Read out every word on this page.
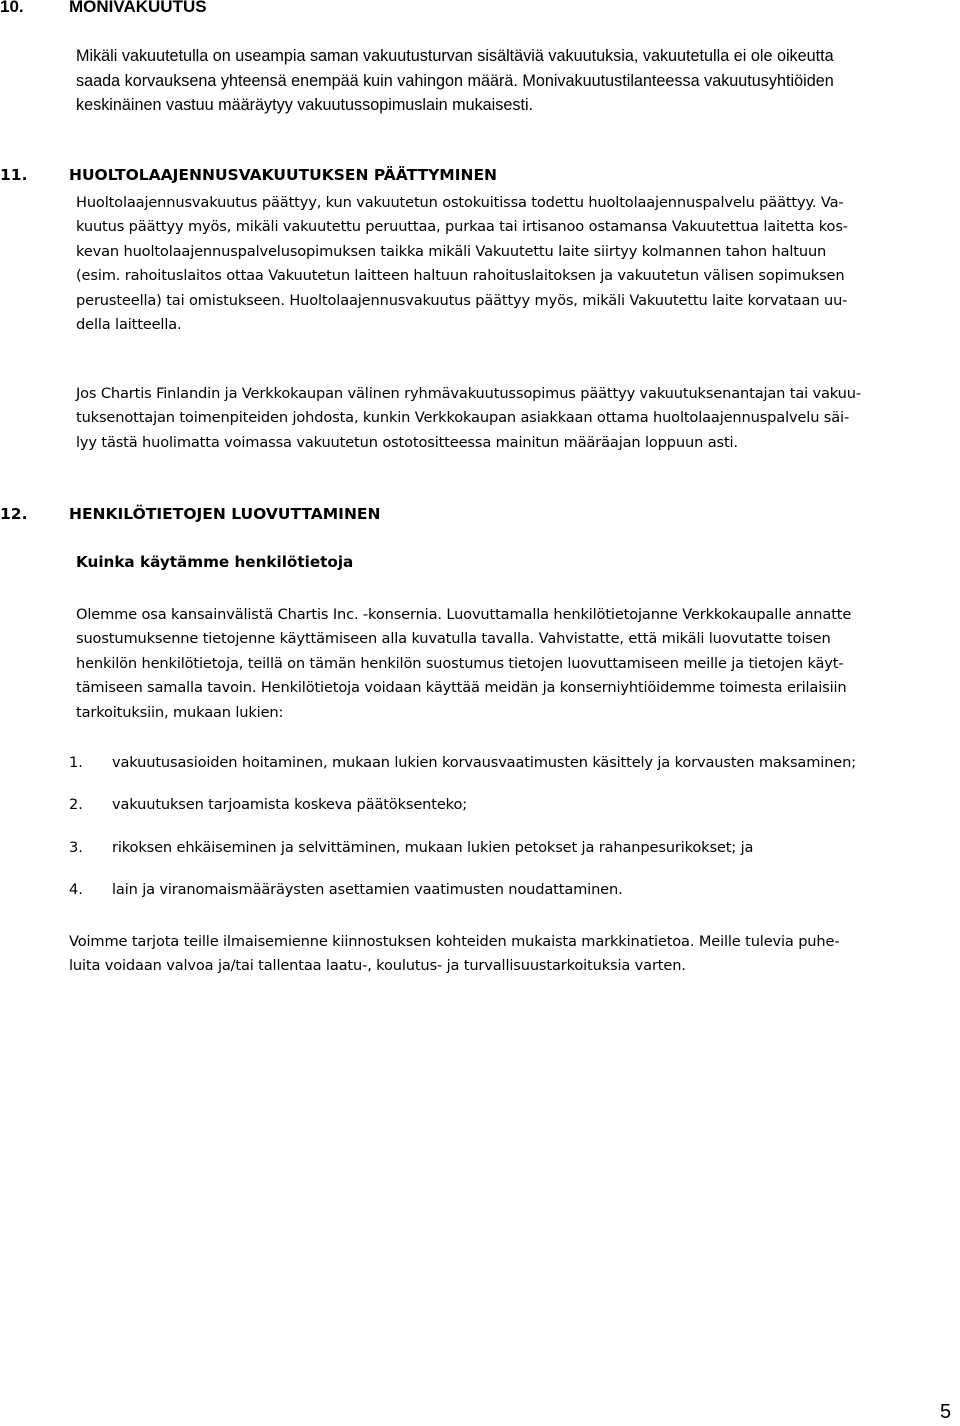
10.	MONIVAKUUTUS
Mikäli vakuutetulla on useampia saman vakuutusturvan sisältäviä vakuutuksia, vakuutetulla ei ole oikeutta
saada korvauksena yhteensä enempää kuin vahingon määrä. Monivakuutustilanteessa vakuutusyhtiöiden
keskinäinen vastuu määräytyy vakuutussopimuslain mukaisesti.
11.	HUOLTOLAAJENNUSVAKUUTUKSEN PÄÄTTYMINEN
Huoltolaajennusvakuutus päättyy, kun vakuutetun ostokuitissa todettu huoltolaajennuspalvelu päättyy. Va-
kuutus päättyy myös, mikäli vakuutettu peruuttaa, purkaa tai irtisanoo ostamansa Vakuutettua laitetta kos-
kevan huoltolaajennuspalvelusopimuksen taikka mikäli Vakuutettu laite siirtyy kolmannen tahon haltuun
(esim. rahoituslaitos ottaa Vakuutetun laitteen haltuun rahoituslaitoksen ja vakuutetun välisen sopimuksen
perusteella) tai omistukseen. Huoltolaajennusvakuutus päättyy myös, mikäli Vakuutettu laite korvataan uu-
della laitteella.
Jos Chartis Finlandin ja Verkkokaupan välinen ryhmävakuutussopimus päättyy vakuutuksenantajan tai vakuu-
tuksenottajan toimenpiteiden johdosta, kunkin Verkkokaupan asiakkaan ottama huoltolaajennuspalvelu säi-
lyy tästä huolimatta voimassa vakuutetun ostotositteessa mainitun määräajan loppuun asti.
12.	HENKILÖTIETOJEN LUOVUTTAMINEN
Kuinka käytämme henkilötietoja
Olemme osa kansainvälistä Chartis Inc. -konsernia. Luovuttamalla henkilötietojanne Verkkokaupalle annatte
suostumuksenne tietojenne käyttämiseen alla kuvatulla tavalla. Vahvistatte, että mikäli luovutatte toisen
henkilön henkilötietoja, teillä on tämän henkilön suostumus tietojen luovuttamiseen meille ja tietojen käyt-
tämiseen samalla tavoin. Henkilötietoja voidaan käyttää meidän ja konserniyhtiöidemme toimesta erilaisiin
tarkoituksiin, mukaan lukien:
1. vakuutusasioiden hoitaminen, mukaan lukien korvausvaatimusten käsittely ja korvausten maksaminen;
2. vakuutuksen tarjoamista koskeva päätöksenteko;
3. rikoksen ehkäiseminen ja selvittäminen, mukaan lukien petokset ja rahanpesurikokset; ja
4. lain ja viranomaismääräysten asettamien vaatimusten noudattaminen.
Voimme tarjota teille ilmaisemienne kiinnostuksen kohteiden mukaista markkinatietoa. Meille tulevia puhe-
luita voidaan valvoa ja/tai tallentaa laatu-, koulutus- ja turvallisuustarkoituksia varten.
5
